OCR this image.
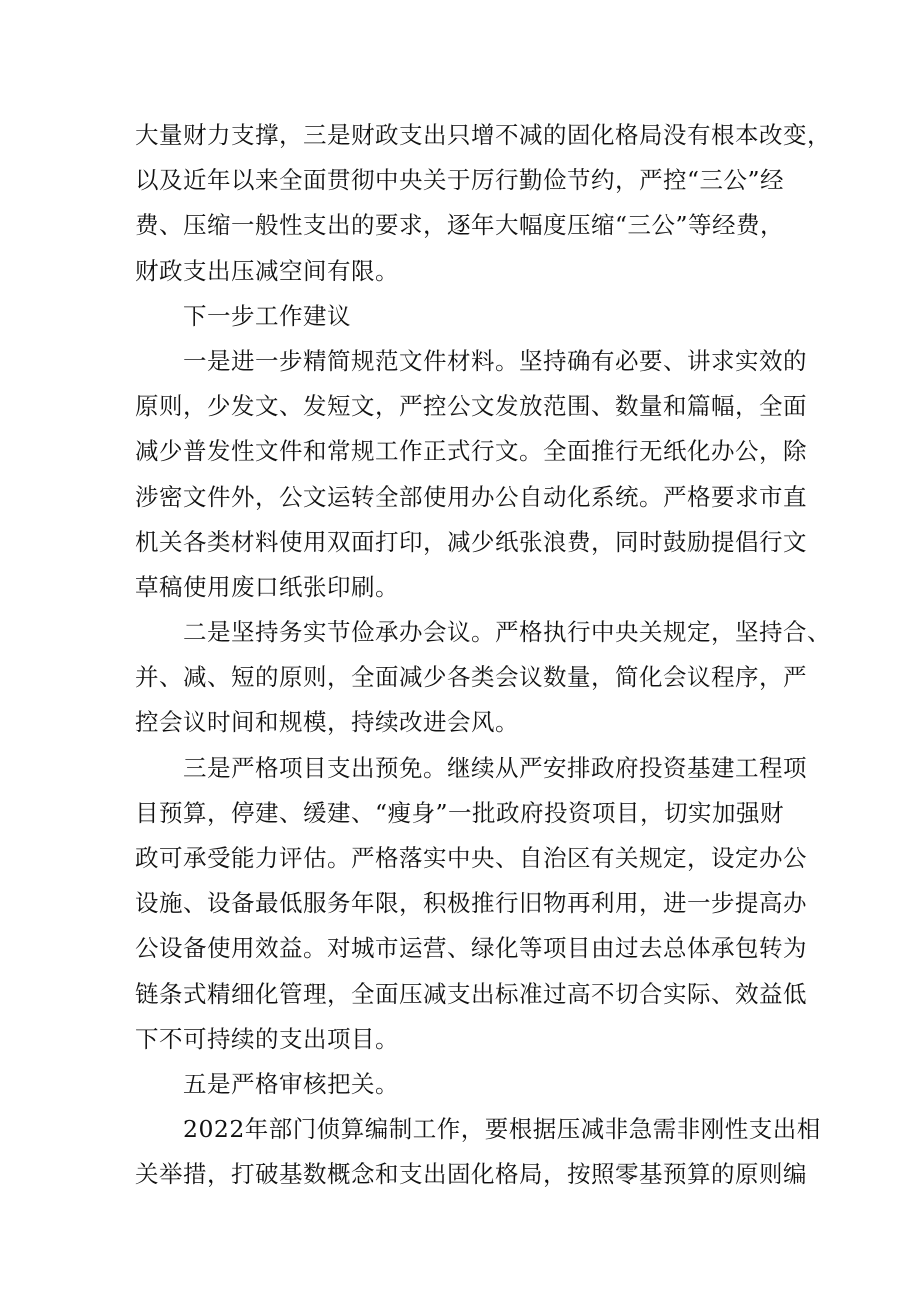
大量财力支撑，三是财政支出只增不减的固化格局没有根本改变，
以及近年以来全面贯彻中央关于厉行勤俭节约，严控“三公”经
费、压缩一般性支出的要求，逐年大幅度压缩“三公”等经费，
财政支出压减空间有限。
下一步工作建议
一是进一步精简规范文件材料。坚持确有必要、讲求实效的
原则，少发文、发短文，严控公文发放范围、数量和篇幅，全面
减少普发性文件和常规工作正式行文。全面推行无纸化办公，除
涉密文件外，公文运转全部使用办公自动化系统。严格要求市直
机关各类材料使用双面打印，减少纸张浪费，同时鼓励提倡行文
草稿使用废口纸张印刷。
二是坚持务实节俭承办会议。严格执行中央关规定，坚持合、
并、减、短的原则，全面减少各类会议数量，简化会议程序，严
控会议时间和规模，持续改进会风。
三是严格项目支出预免。继续从严安排政府投资基建工程项
目预算，停建、缓建、“瘦身”一批政府投资项目，切实加强财
政可承受能力评估。严格落实中央、自治区有关规定，设定办公
设施、设备最低服务年限，积极推行旧物再利用，进一步提高办
公设备使用效益。对城市运营、绿化等项目由过去总体承包转为
链条式精细化管理，全面压减支出标准过高不切合实际、效益低
下不可持续的支出项目。
五是严格审核把关。
2022年部门侦算编制工作，要根据压减非急需非刚性支出相
关举措，打破基数概念和支出固化格局，按照零基预算的原则编
